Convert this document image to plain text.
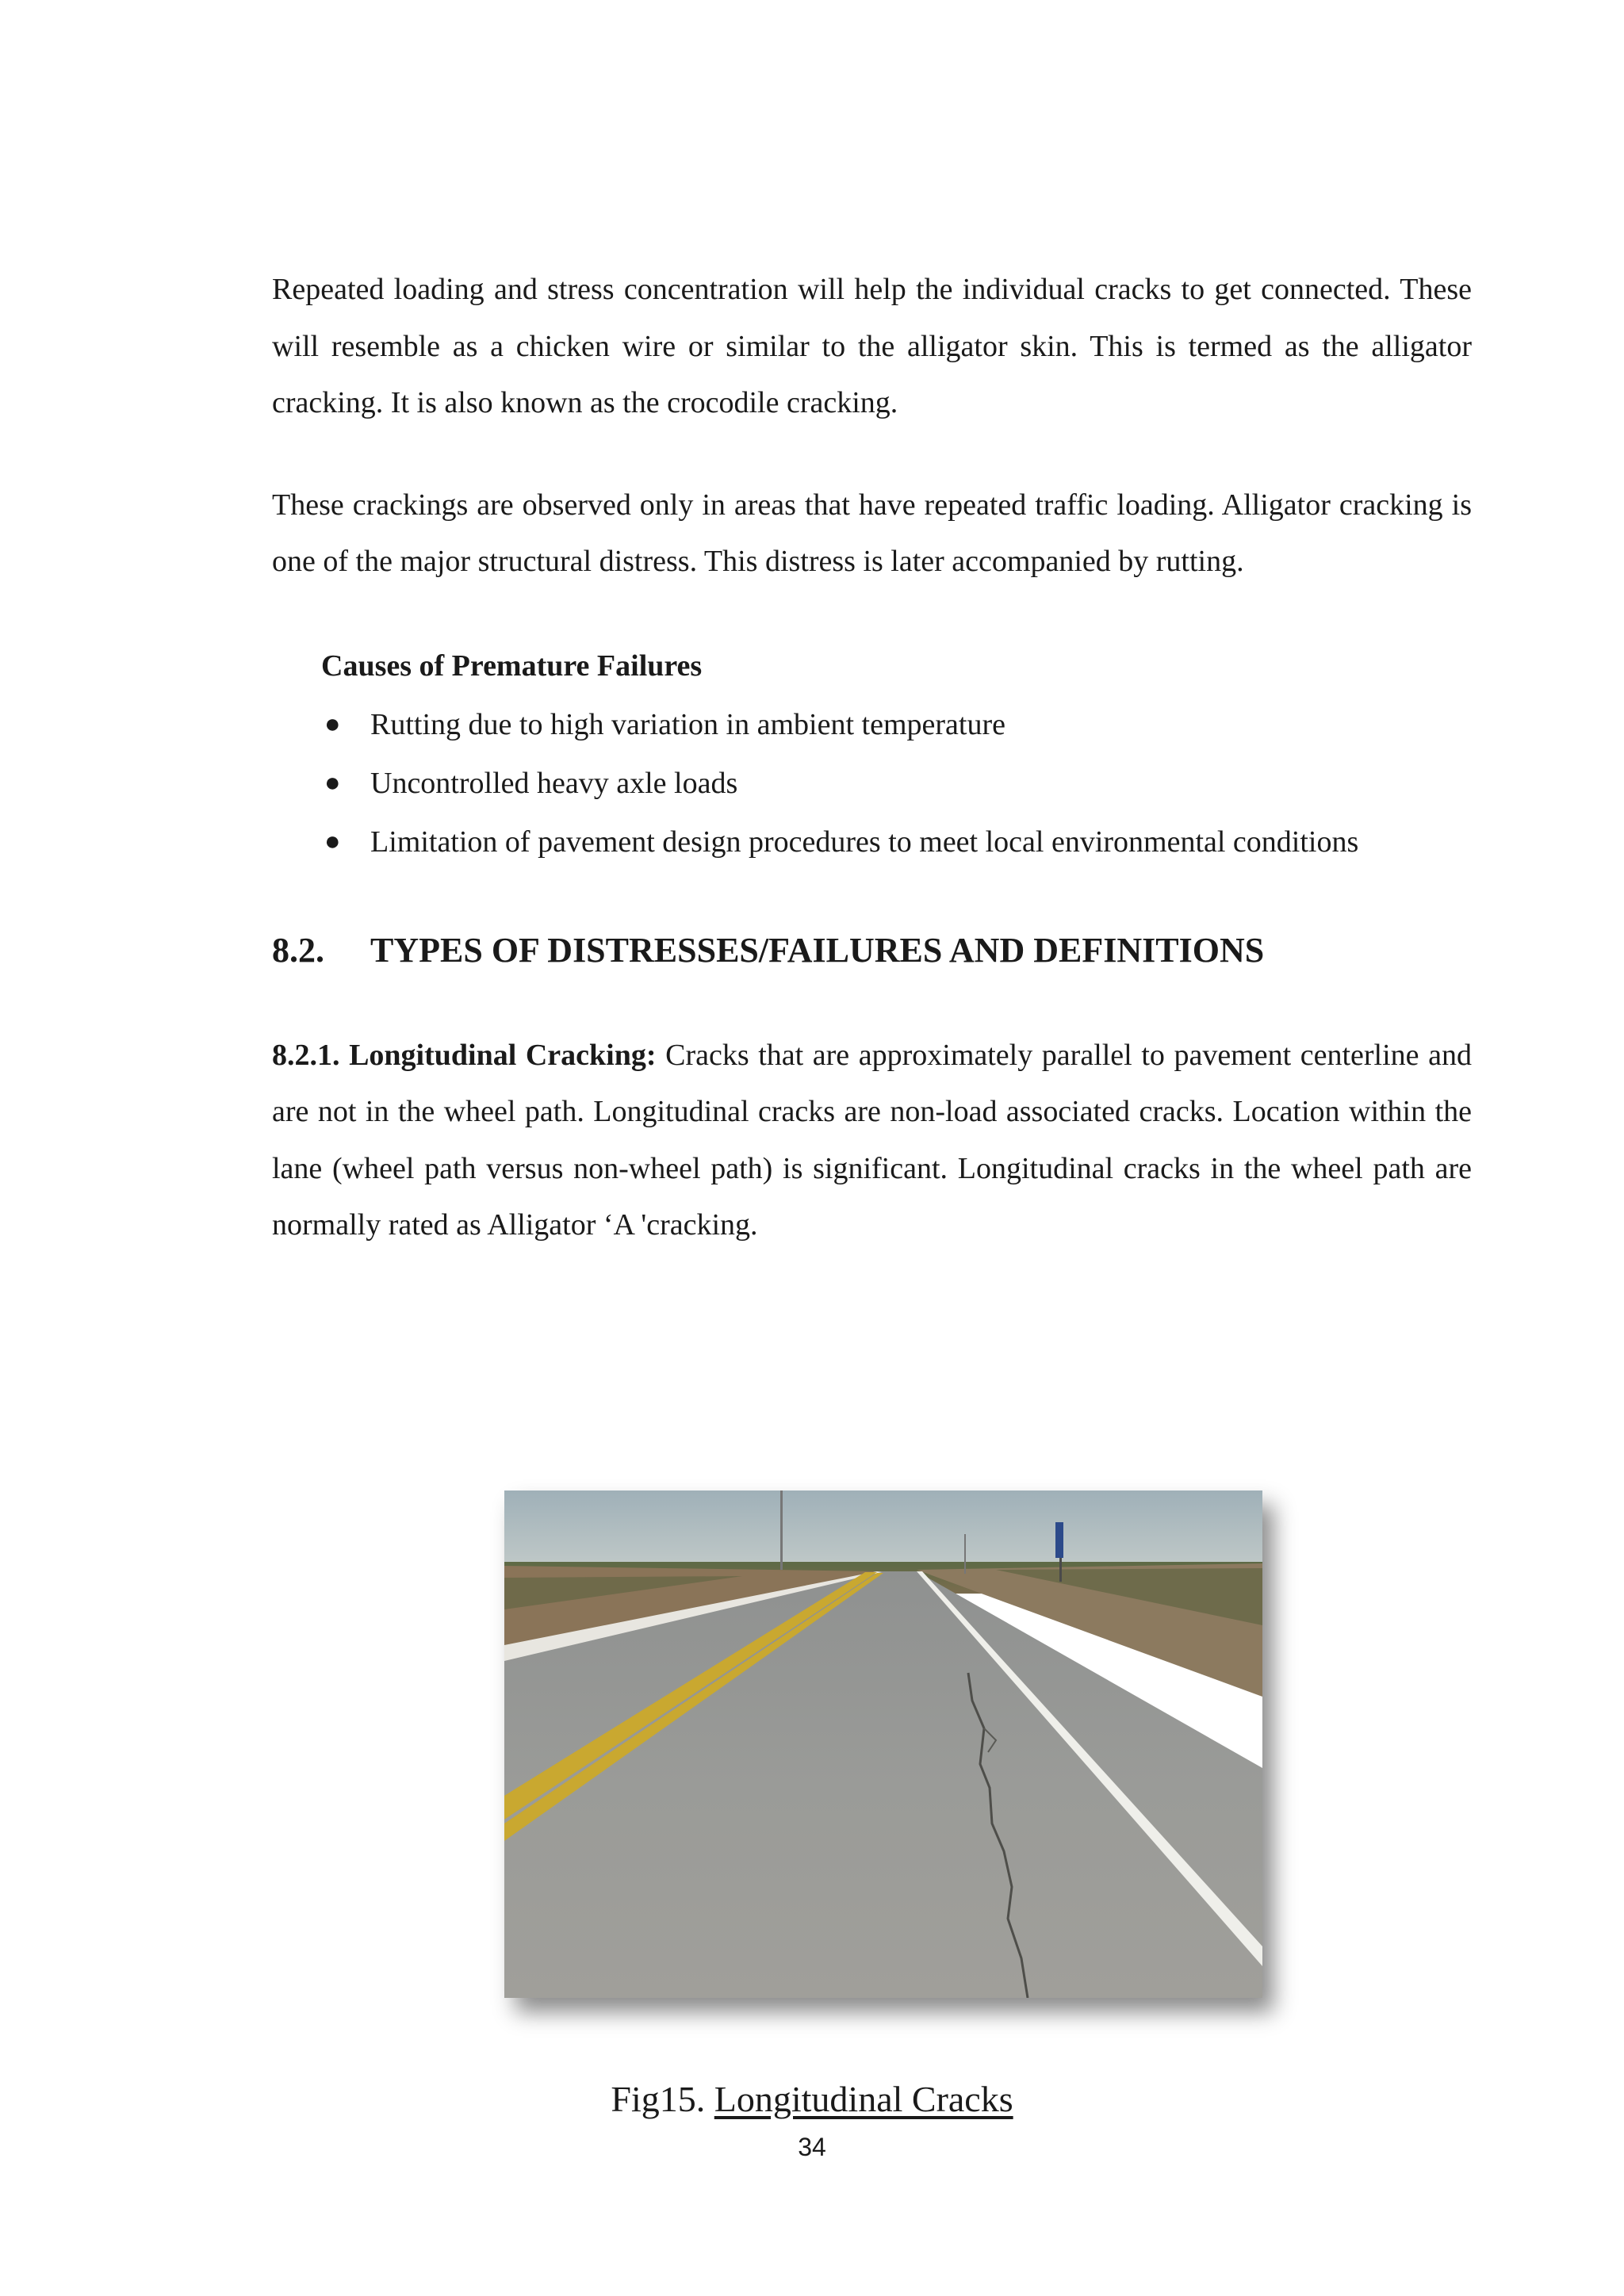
Repeated loading and stress concentration will help the individual cracks to get connected. These will resemble as a chicken wire or similar to the alligator skin. This is termed as the alligator cracking. It is also known as the crocodile cracking.

These crackings are observed only in areas that have repeated traffic loading. Alligator cracking is one of the major structural distress. This distress is later accompanied by rutting.

Causes of Premature Failures

● Rutting due to high variation in ambient temperature
● Uncontrolled heavy axle loads
● Limitation of pavement design procedures to meet local environmental conditions
8.2.	TYPES OF DISTRESSES/FAILURES AND DEFINITIONS

8.2.1. Longitudinal Cracking: Cracks that are approximately parallel to pavement centerline and are not in the wheel path. Longitudinal cracks are non-load associated cracks. Location within the lane (wheel path versus non-wheel path) is significant. Longitudinal cracks in the wheel path are normally rated as Alligator ‘A 'cracking.

Fig15. Longitudinal Cracks
34
